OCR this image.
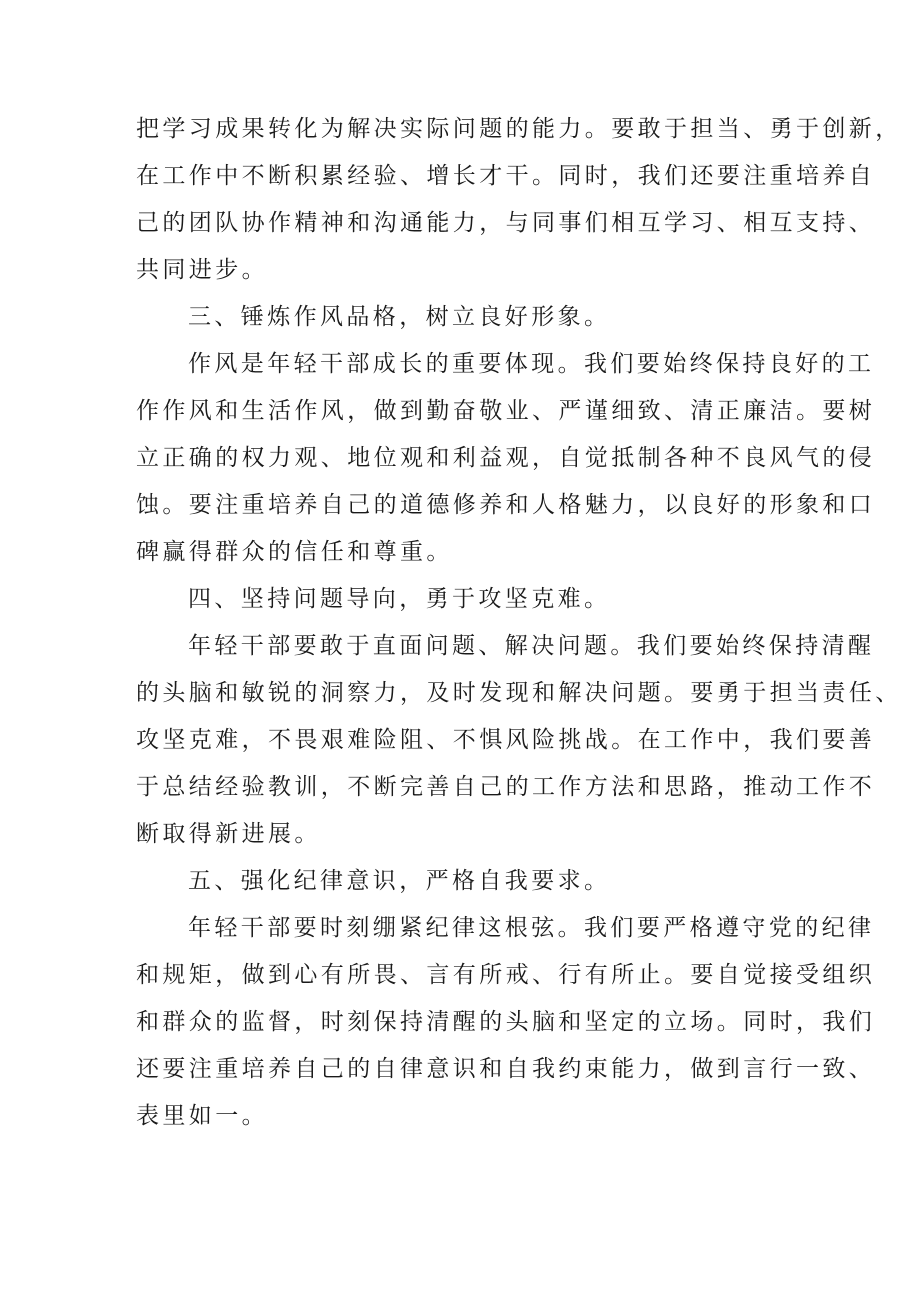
把学习成果转化为解决实际问题的能力。要敢于担当、勇于创新，
在工作中不断积累经验、增长才干。同时，我们还要注重培养自
己的团队协作精神和沟通能力，与同事们相互学习、相互支持、
共同进步。
三、锤炼作风品格，树立良好形象。
作风是年轻干部成长的重要体现。我们要始终保持良好的工
作作风和生活作风，做到勤奋敬业、严谨细致、清正廉洁。要树
立正确的权力观、地位观和利益观，自觉抵制各种不良风气的侵
蚀。要注重培养自己的道德修养和人格魅力，以良好的形象和口
碑赢得群众的信任和尊重。
四、坚持问题导向，勇于攻坚克难。
年轻干部要敢于直面问题、解决问题。我们要始终保持清醒
的头脑和敏锐的洞察力，及时发现和解决问题。要勇于担当责任、
攻坚克难，不畏艰难险阻、不惧风险挑战。在工作中，我们要善
于总结经验教训，不断完善自己的工作方法和思路，推动工作不
断取得新进展。
五、强化纪律意识，严格自我要求。
年轻干部要时刻绷紧纪律这根弦。我们要严格遵守党的纪律
和规矩，做到心有所畏、言有所戒、行有所止。要自觉接受组织
和群众的监督，时刻保持清醒的头脑和坚定的立场。同时，我们
还要注重培养自己的自律意识和自我约束能力，做到言行一致、
表里如一。
